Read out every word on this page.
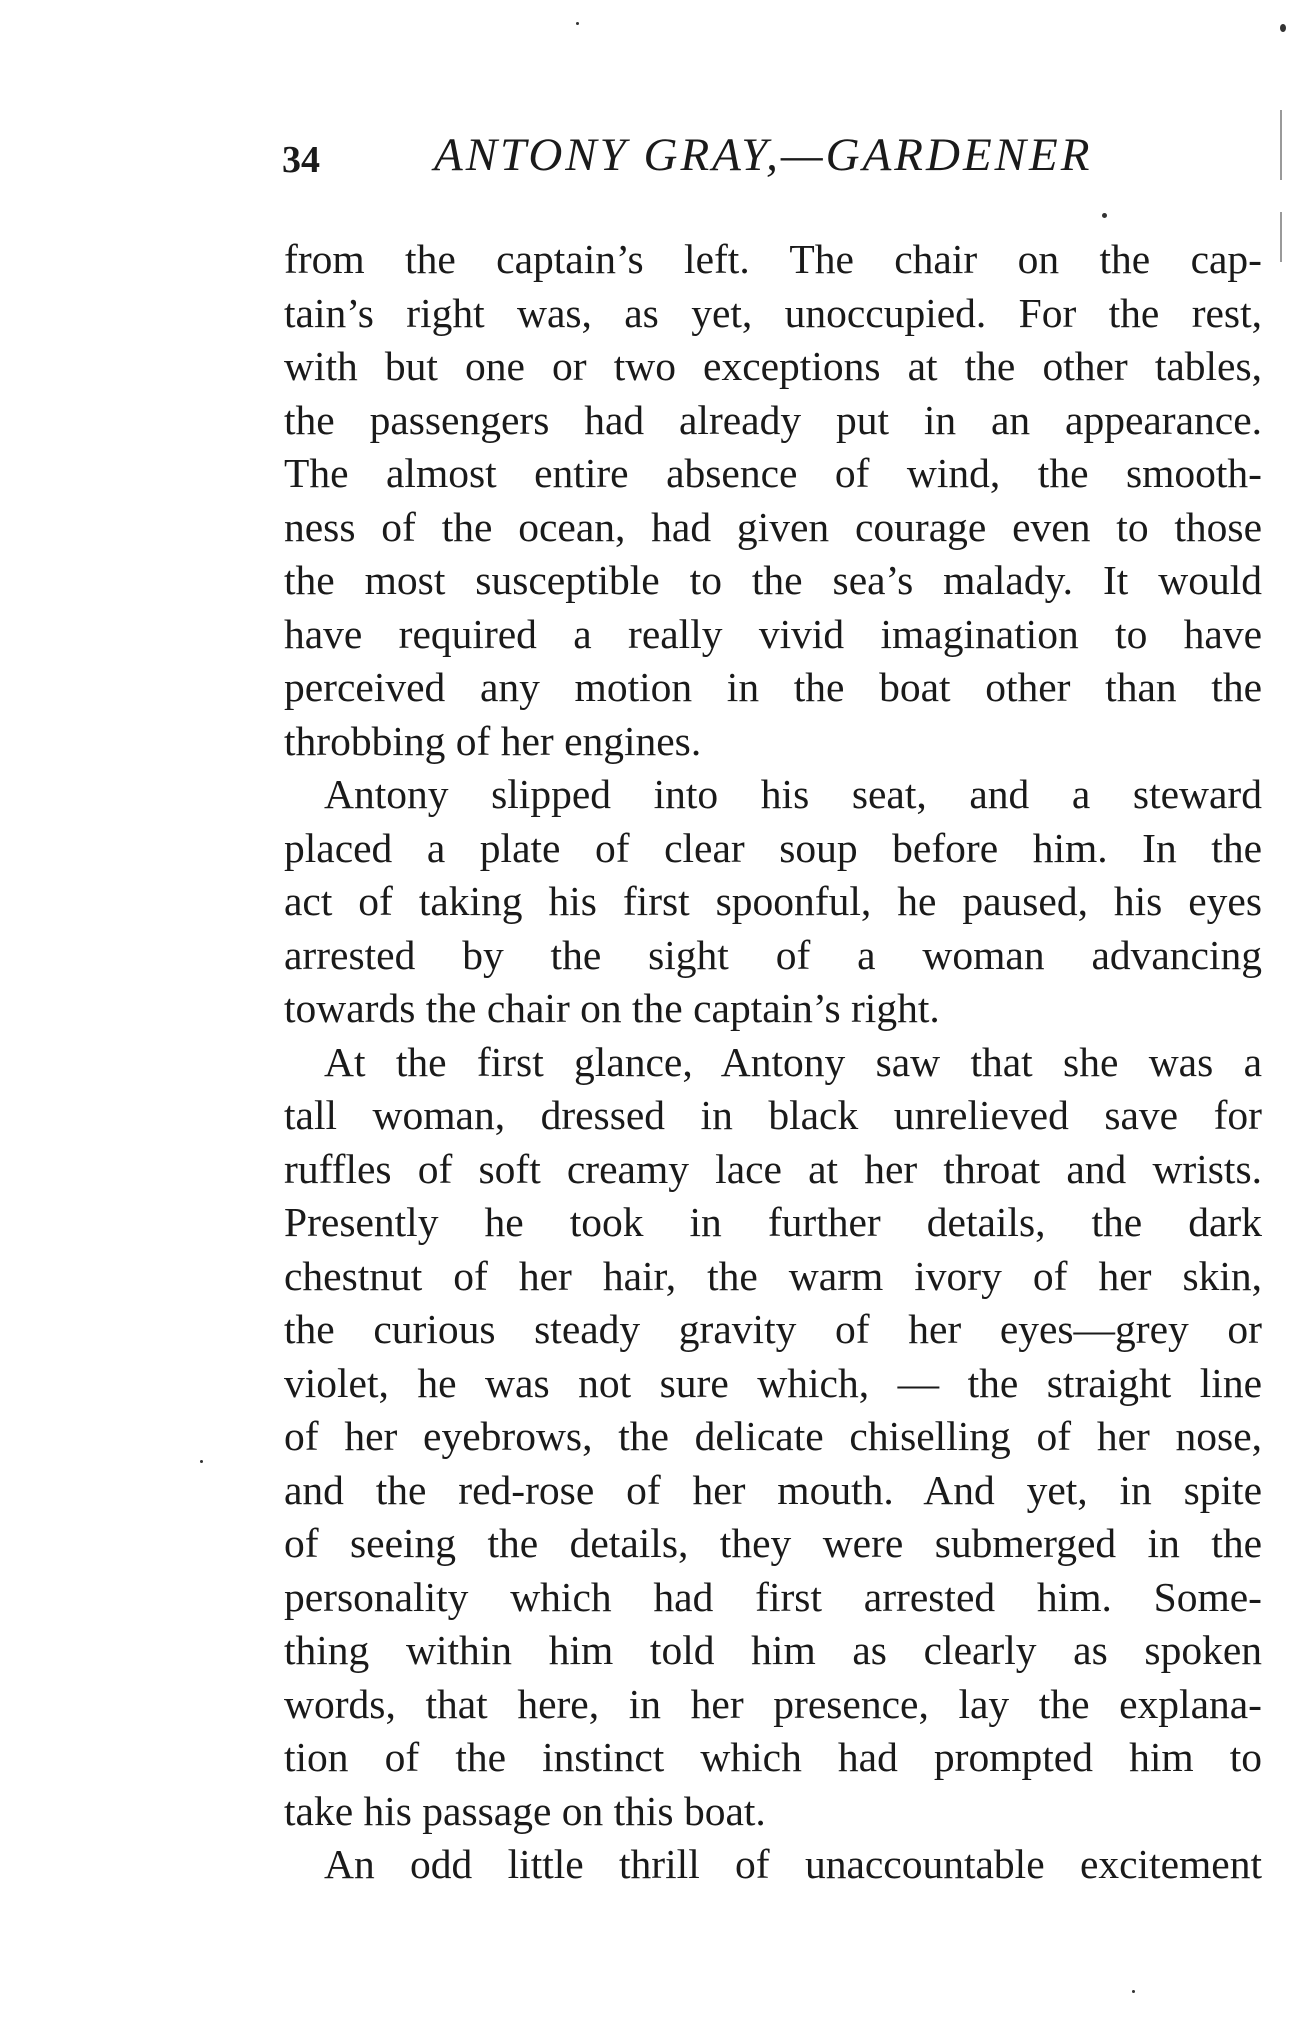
34 ANTONY GRAY,—GARDENER

from the captain’s left. The chair on the cap-
tain’s right was, as yet, unoccupied. For the rest,
with but one or two exceptions at the other tables,
the passengers had already put in an appearance.
The almost entire absence of wind, the smooth-
ness of the ocean, had given courage even to those
the most susceptible to the sea’s malady. It would
have required a really vivid imagination to have
perceived any motion in the boat other than the
throbbing of her engines.

Antony slipped into his seat, and a steward
placed a plate of clear soup before him. In the
act of taking his first spoonful, he paused, his eyes
arrested by the sight of a woman advancing
towards the chair on the captain’s right.

At the first glance, Antony saw that she was a
tall woman, dressed in black unrelieved save for
ruffles of soft creamy lace at her throat and wrists.
Presently he took in further details, the dark
chestnut of her hair, the warm ivory of her skin,
the curious steady gravity of her eyes—grey or
violet, he was not sure which, — the straight line
of her eyebrows, the delicate chiselling of her nose,
and the red-rose of her mouth. And yet, in spite
of seeing the details, they were submerged in the
personality which had first arrested him. Some-
thing within him told him as clearly as spoken
words, that here, in her presence, lay the explana-
tion of the instinct which had prompted him to
take his passage on this boat.

An odd little thrill of unaccountable excitement
